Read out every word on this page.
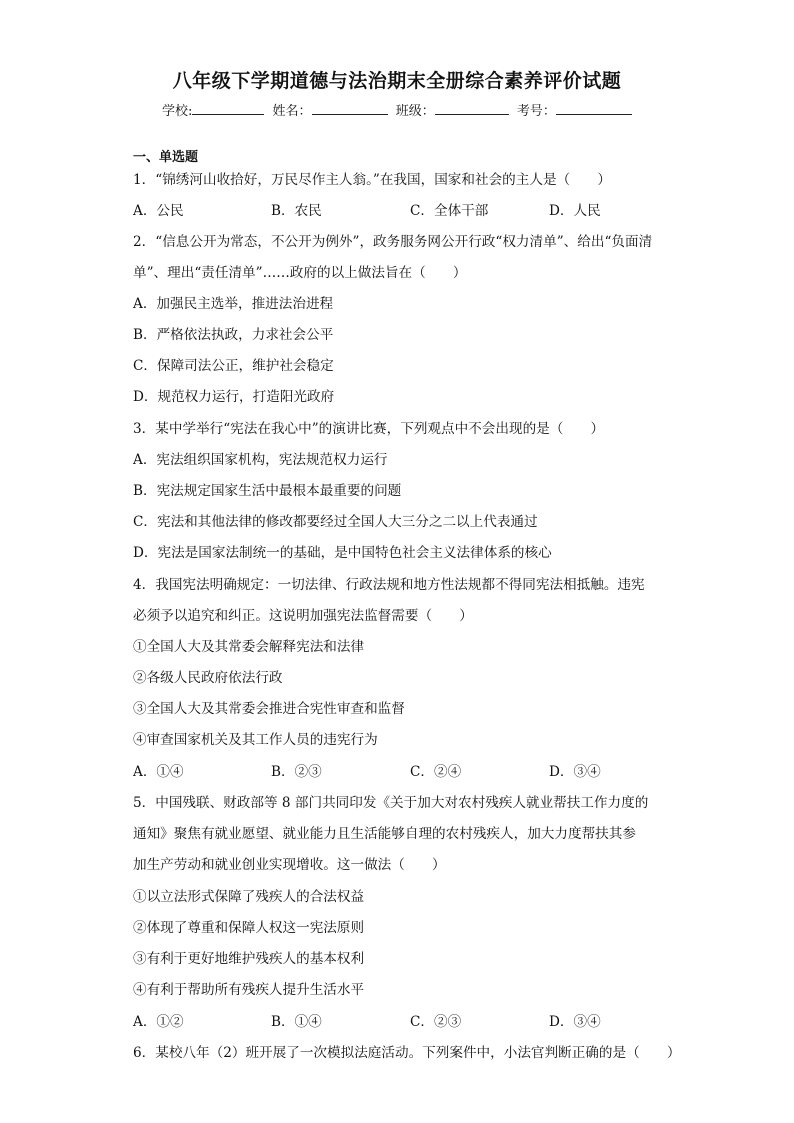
八年级下学期道德与法治期末全册综合素养评价试题
学校:	姓名：	班级：	考号：
一、单选题
1．“锦绣河山收拾好，万民尽作主人翁。”在我国，国家和社会的主人是（　　）
A．公民	B．农民	C．全体干部	D．人民
2．“信息公开为常态，不公开为例外”，政务服务网公开行政“权力清单”、给出“负面清
单”、理出“责任清单”……政府的以上做法旨在（　　）
A．加强民主选举，推进法治进程
B．严格依法执政，力求社会公平
C．保障司法公正，维护社会稳定
D．规范权力运行，打造阳光政府
3．某中学举行“宪法在我心中”的演讲比赛，下列观点中不会出现的是（　　）
A．宪法组织国家机构，宪法规范权力运行
B．宪法规定国家生活中最根本最重要的问题
C．宪法和其他法律的修改都要经过全国人大三分之二以上代表通过
D．宪法是国家法制统一的基础，是中国特色社会主义法律体系的核心
4．我国宪法明确规定：一切法律、行政法规和地方性法规都不得同宪法相抵触。违宪
必须予以追究和纠正。这说明加强宪法监督需要（　　）
①全国人大及其常委会解释宪法和法律
②各级人民政府依法行政
③全国人大及其常委会推进合宪性审查和监督
④审查国家机关及其工作人员的违宪行为
A．①④	B．②③	C．②④	D．③④
5．中国残联、财政部等 8 部门共同印发《关于加大对农村残疾人就业帮扶工作力度的
通知》聚焦有就业愿望、就业能力且生活能够自理的农村残疾人，加大力度帮扶其参
加生产劳动和就业创业实现增收。这一做法（　　）
①以立法形式保障了残疾人的合法权益
②体现了尊重和保障人权这一宪法原则
③有利于更好地维护残疾人的基本权利
④有利于帮助所有残疾人提升生活水平
A．①②	B．①④	C．②③	D．③④
6．某校八年（2）班开展了一次模拟法庭活动。下列案件中，小法官判断正确的是（　　）
